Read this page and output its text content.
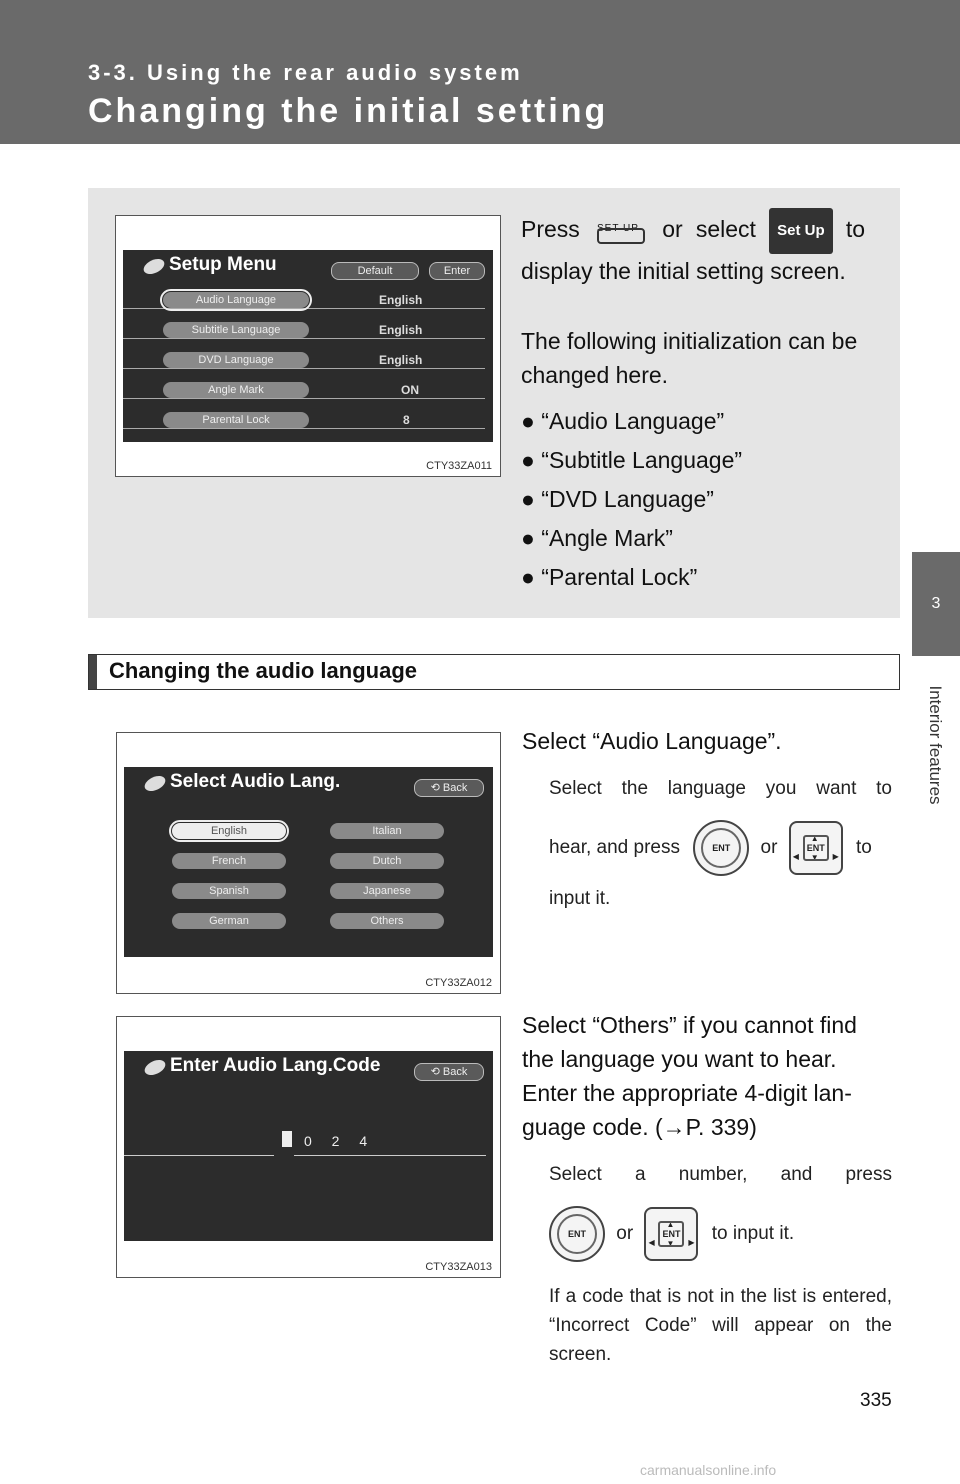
3-3. Using the rear audio system
Changing the initial setting
3
Interior features
Setup Menu	Default	Enter
Audio Language	English
Subtitle Language	English
DVD Language	English
Angle Mark	ON
Parental Lock	8
CTY33ZA011
Press SET UP or select Set Up to display the initial setting screen.
The following initialization can be changed here.
● “Audio Language”
● “Subtitle Language”
● “DVD Language”
● “Angle Mark”
● “Parental Lock”
Changing the audio language
Select Audio Lang.	⟲ Back
English	Italian
French	Dutch
Spanish	Japanese
German	Others
CTY33ZA012
Select “Audio Language”.
Select the language you want to
hear, and press	ENT	or	▲
▼
◀	▶
ENT to
input it.
Enter Audio Lang.Code	⟲ Back
0 2 4
CTY33ZA013
Select “Others” if you cannot find the language you want to hear. Enter the appropriate 4-digit lan-guage code. (→P. 339)
Select a number, and press
ENT	or	▲
▼
◀	▶
ENT to input it.
If a code that is not in the list is entered, “Incorrect Code” will appear on the screen.
335
carmanualsonline.info
